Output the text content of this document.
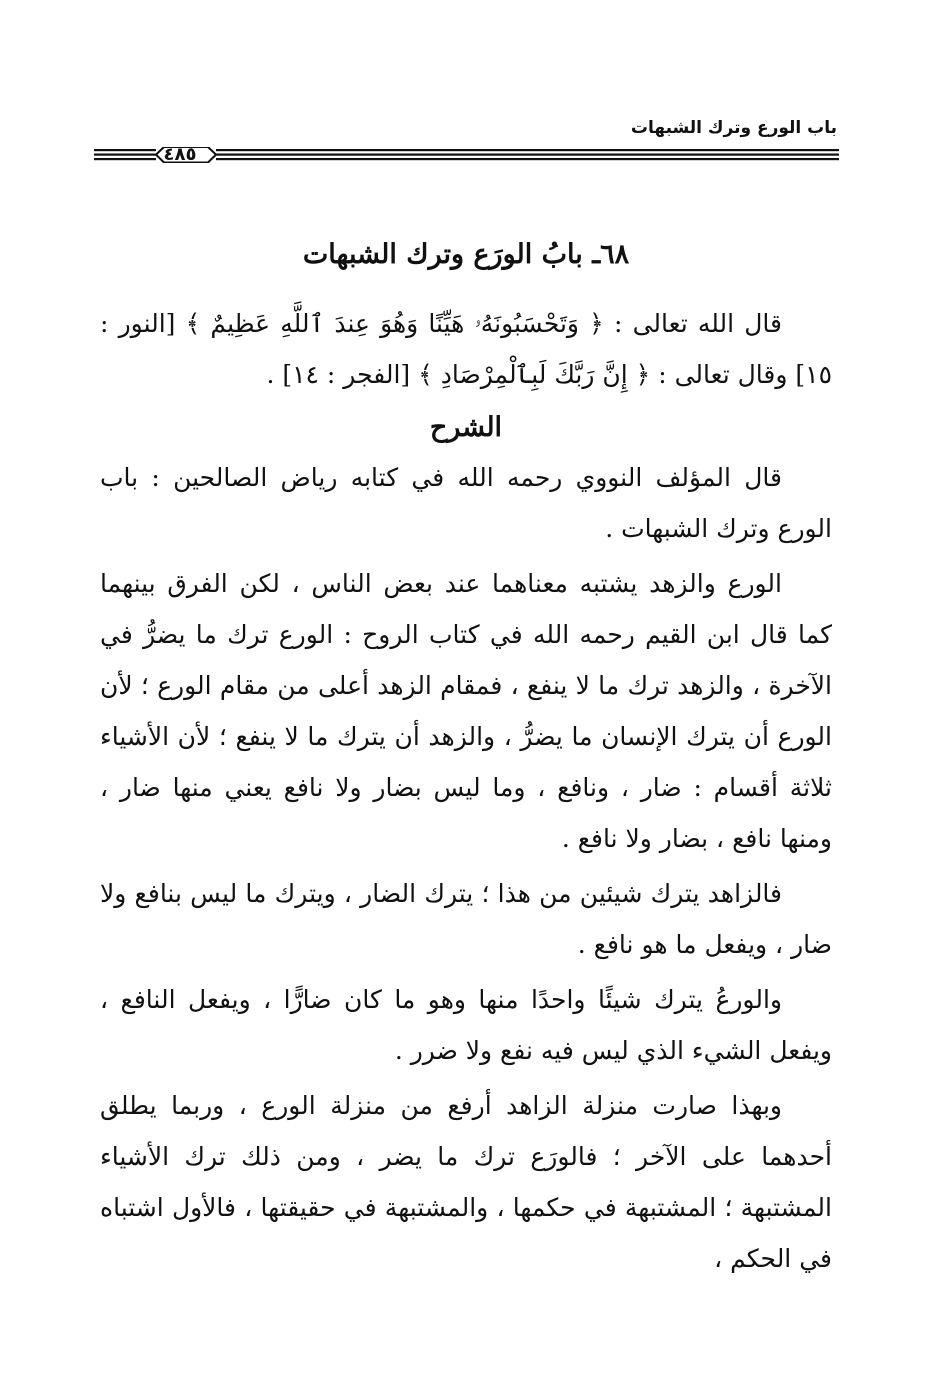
باب الورع وترك الشبهات
٤٨٥
٦٨ـ بابُ الورَع وترك الشبهات

قال الله تعالى : ﴿ وَتَحْسَبُونَهُۥ هَيِّنًا وَهُوَ عِندَ ٱللَّهِ عَظِيمٌ ﴾ [النور : ١٥] وقال تعالى : ﴿ إِنَّ رَبَّكَ لَبِٱلْمِرْصَادِ ﴾ [الفجر : ١٤] .

الشرح

قال المؤلف النووي رحمه الله في كتابه رياض الصالحين : باب الورع وترك الشبهات .

الورع والزهد يشتبه معناهما عند بعض الناس ، لكن الفرق بينهما كما قال ابن القيم رحمه الله في كتاب الروح : الورع ترك ما يضرُّ في الآخرة ، والزهد ترك ما لا ينفع ، فمقام الزهد أعلى من مقام الورع ؛ لأن الورع أن يترك الإنسان ما يضرُّ ، والزهد أن يترك ما لا ينفع ؛ لأن الأشياء ثلاثة أقسام : ضار ، ونافع ، وما ليس بضار ولا نافع يعني منها ضار ، ومنها نافع ، بضار ولا نافع .

فالزاهد يترك شيئين من هذا ؛ يترك الضار ، ويترك ما ليس بنافع ولا ضار ، ويفعل ما هو نافع .

والورعُ يترك شيئًا واحدًا منها وهو ما كان ضارًّا ، ويفعل النافع ، ويفعل الشيء الذي ليس فيه نفع ولا ضرر .

وبهذا صارت منزلة الزاهد أرفع من منزلة الورع ، وربما يطلق أحدهما على الآخر ؛ فالورَع ترك ما يضر ، ومن ذلك ترك الأشياء المشتبهة ؛ المشتبهة في حكمها ، والمشتبهة في حقيقتها ، فالأول اشتباه في الحكم ،
